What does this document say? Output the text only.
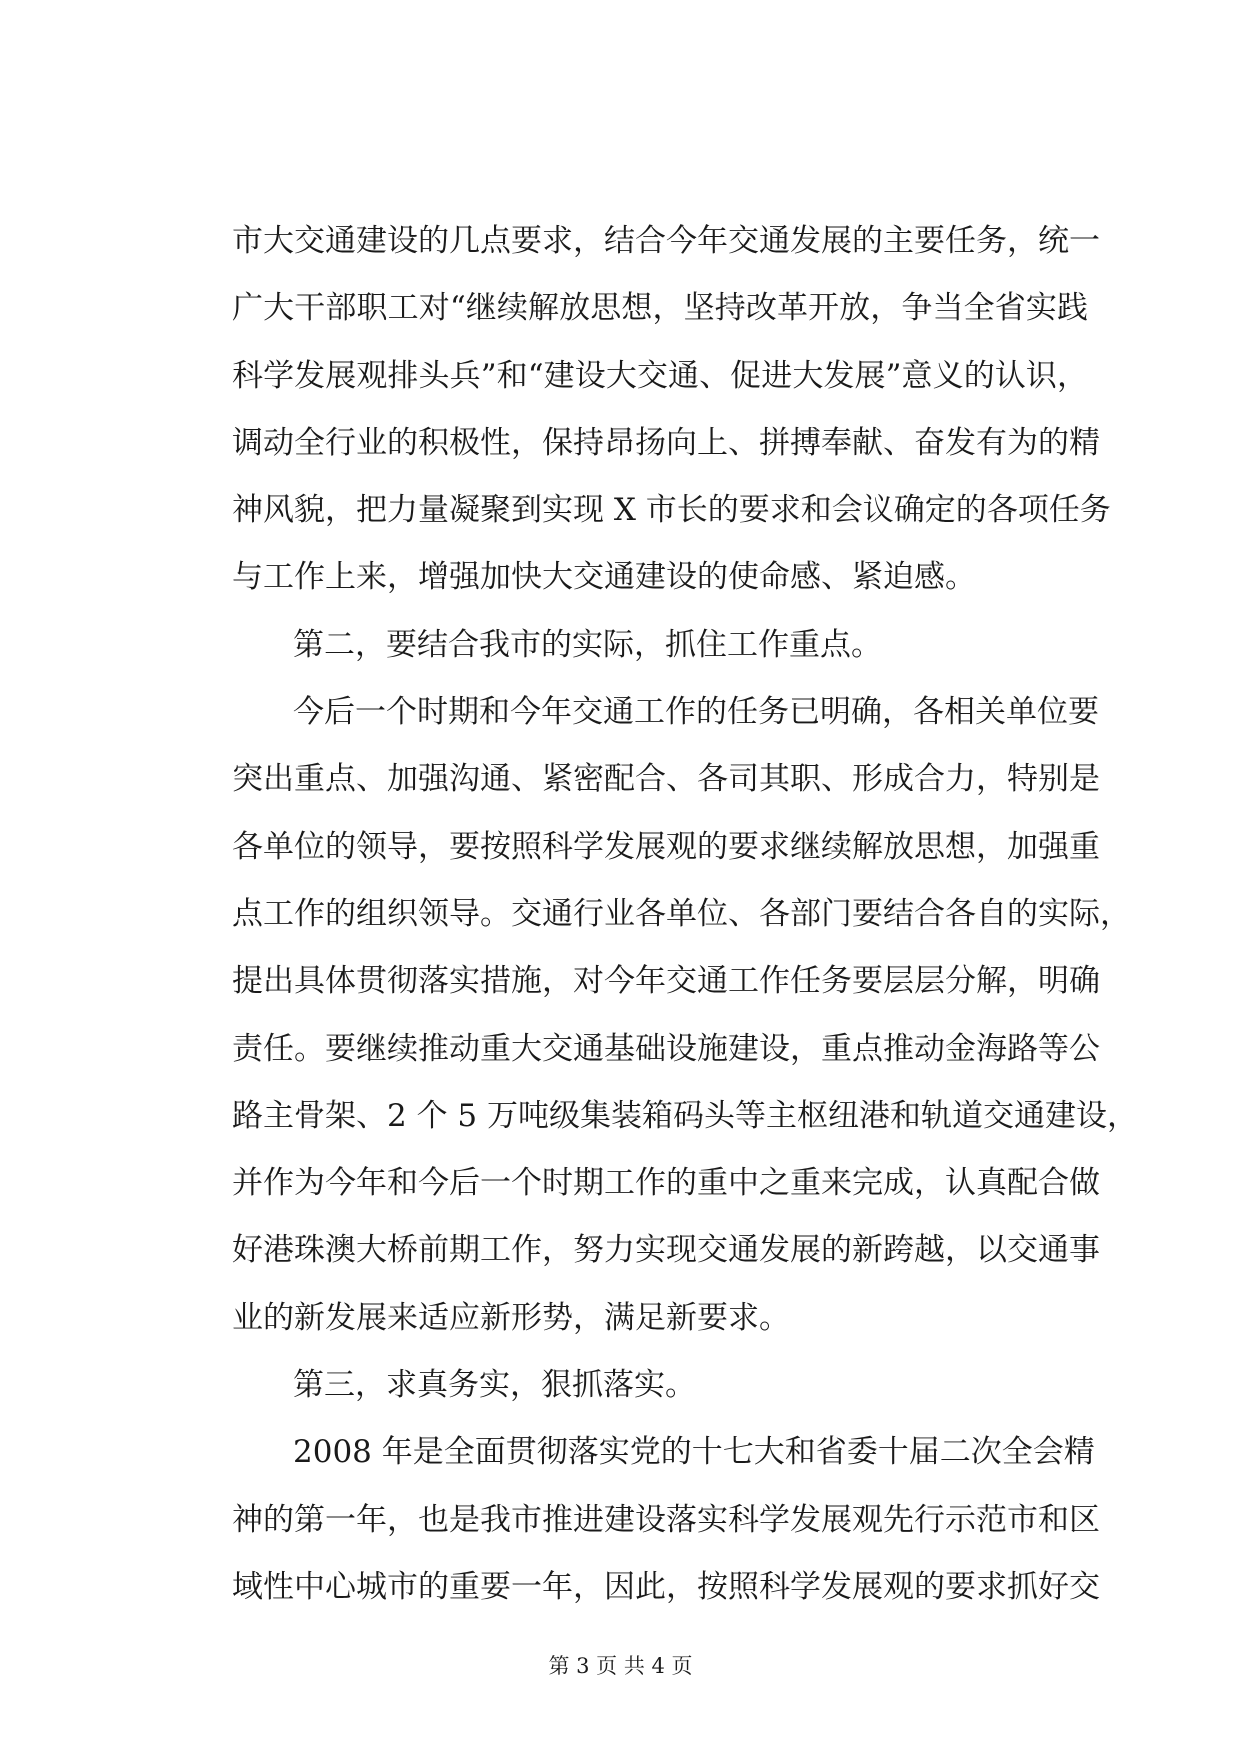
市大交通建设的几点要求，结合今年交通发展的主要任务，统一
广大干部职工对“继续解放思想，坚持改革开放，争当全省实践
科学发展观排头兵”和“建设大交通、促进大发展”意义的认识，
调动全行业的积极性，保持昂扬向上、拼搏奉献、奋发有为的精
神风貌，把力量凝聚到实现 X 市长的要求和会议确定的各项任务
与工作上来，增强加快大交通建设的使命感、紧迫感。
第二，要结合我市的实际，抓住工作重点。
今后一个时期和今年交通工作的任务已明确，各相关单位要
突出重点、加强沟通、紧密配合、各司其职、形成合力，特别是
各单位的领导，要按照科学发展观的要求继续解放思想，加强重
点工作的组织领导。交通行业各单位、各部门要结合各自的实际，
提出具体贯彻落实措施，对今年交通工作任务要层层分解，明确
责任。要继续推动重大交通基础设施建设，重点推动金海路等公
路主骨架、2 个 5 万吨级集装箱码头等主枢纽港和轨道交通建设，
并作为今年和今后一个时期工作的重中之重来完成，认真配合做
好港珠澳大桥前期工作，努力实现交通发展的新跨越，以交通事
业的新发展来适应新形势，满足新要求。
第三，求真务实，狠抓落实。
2008 年是全面贯彻落实党的十七大和省委十届二次全会精
神的第一年，也是我市推进建设落实科学发展观先行示范市和区
域性中心城市的重要一年，因此，按照科学发展观的要求抓好交
第 3 页 共 4 页
